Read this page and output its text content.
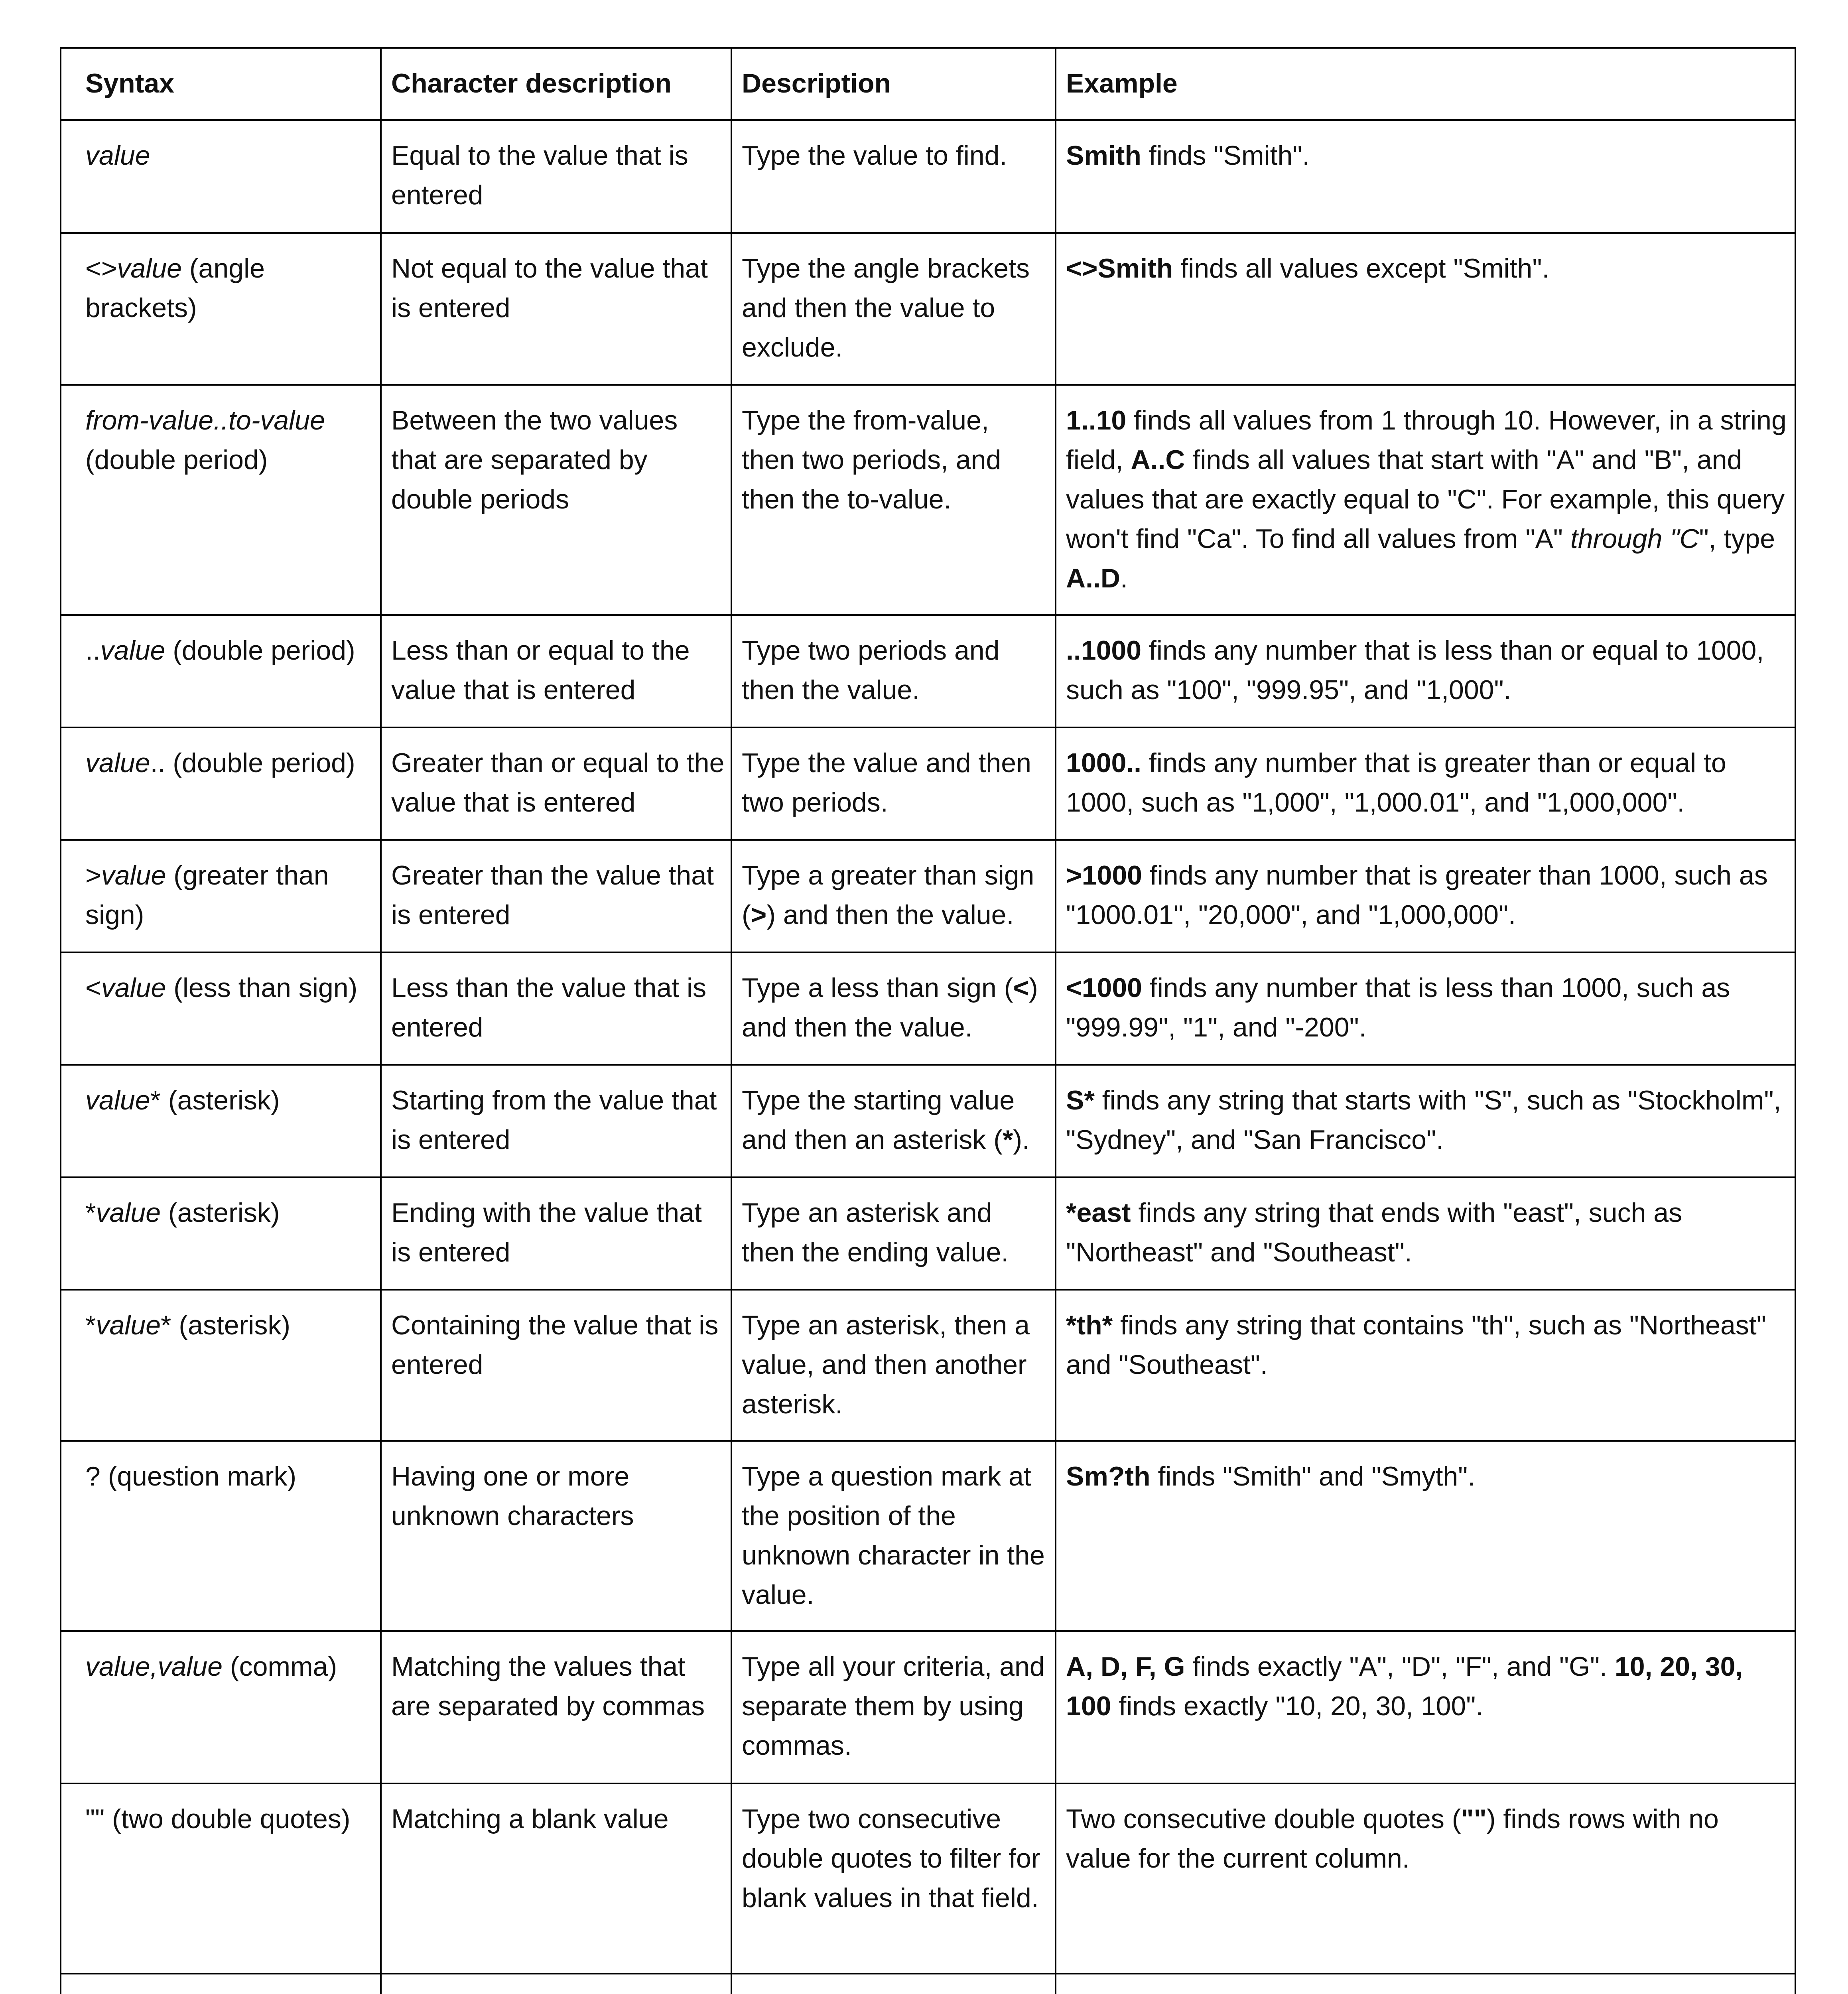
Syntax	Character description	Description	Example
value	Equal to the value that is entered	Type the value to find.	Smith finds "Smith".
<>value (angle brackets)	Not equal to the value that is entered	Type the angle brackets and then the value to exclude.	<>Smith finds all values except "Smith".
from-value..to-value (double period)	Between the two values that are separated by double periods	Type the from-value, then two periods, and then the to-value.	1..10 finds all values from 1 through 10. However, in a string field, A..C finds all values that start with "A" and "B", and values that are exactly equal to "C". For example, this query won't find "Ca". To find all values from "A" through "C", type A..D.
..value (double period)	Less than or equal to the value that is entered	Type two periods and then the value.	..1000 finds any number that is less than or equal to 1000, such as "100", "999.95", and "1,000".
value.. (double period)	Greater than or equal to the value that is entered	Type the value and then two periods.	1000.. finds any number that is greater than or equal to 1000, such as "1,000", "1,000.01", and "1,000,000".
>value (greater than sign)	Greater than the value that is entered	Type a greater than sign (>) and then the value.	>1000 finds any number that is greater than 1000, such as "1000.01", "20,000", and "1,000,000".
<value (less than sign)	Less than the value that is entered	Type a less than sign (<) and then the value.	<1000 finds any number that is less than 1000, such as "999.99", "1", and "-200".
value* (asterisk)	Starting from the value that is entered	Type the starting value and then an asterisk (*).	S* finds any string that starts with "S", such as "Stockholm", "Sydney", and "San Francisco".
*value (asterisk)	Ending with the value that is entered	Type an asterisk and then the ending value.	*east finds any string that ends with "east", such as "Northeast" and "Southeast".
*value* (asterisk)	Containing the value that is entered	Type an asterisk, then a value, and then another asterisk.	*th* finds any string that contains "th", such as "Northeast" and "Southeast".
? (question mark)	Having one or more unknown characters	Type a question mark at the position of the unknown character in the value.	Sm?th finds "Smith" and "Smyth".
value,value (comma)	Matching the values that are separated by commas	Type all your criteria, and separate them by using commas.	A, D, F, G finds exactly "A", "D", "F", and "G". 10, 20, 30, 100 finds exactly "10, 20, 30, 100".
"" (two double quotes)	Matching a blank value	Type two consecutive double quotes to filter for blank values in that field.	Two consecutive double quotes ("") finds rows with no value for the current column.
